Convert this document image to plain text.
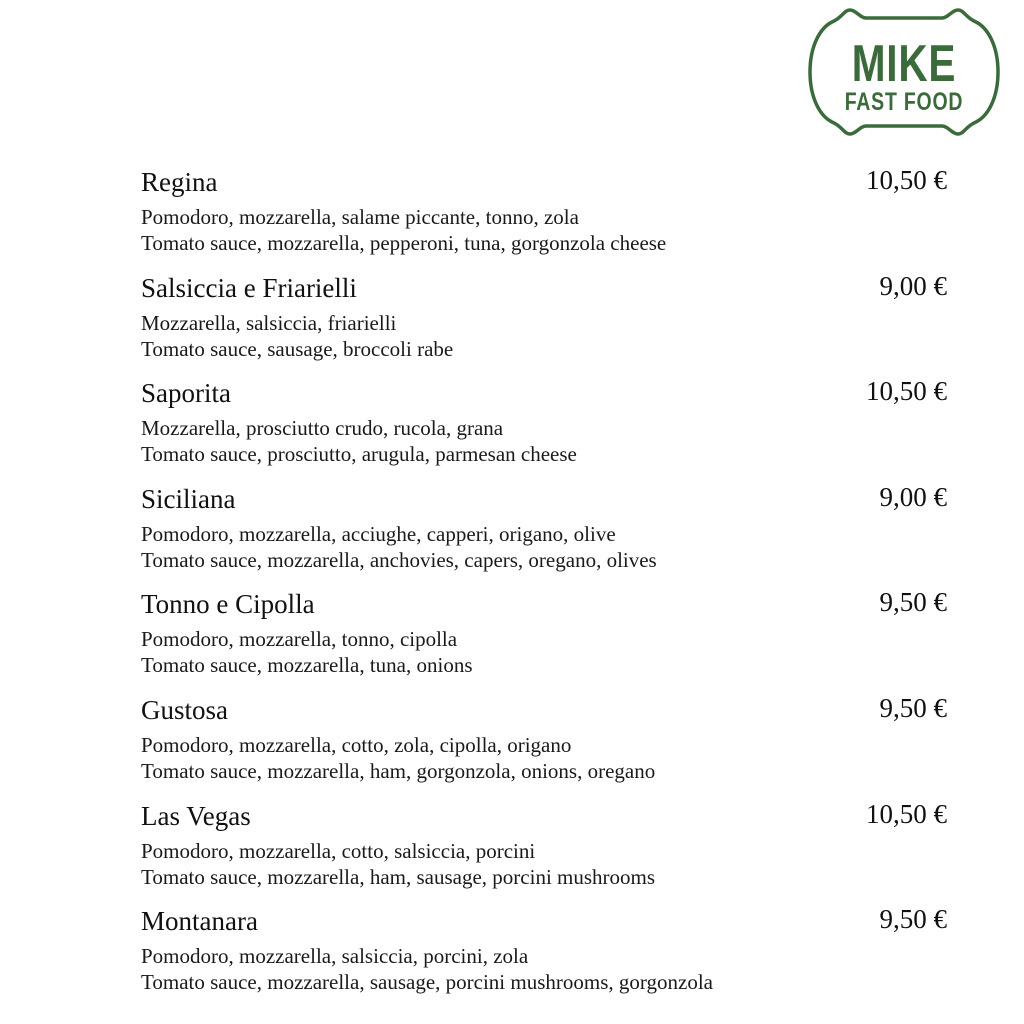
MIKE
FAST FOOD
Regina	10,50 €
Pomodoro, mozzarella, salame piccante, tonno, zola
Tomato sauce, mozzarella, pepperoni, tuna, gorgonzola cheese
Salsiccia e Friarielli	9,00 €
Mozzarella, salsiccia, friarielli
Tomato sauce, sausage, broccoli rabe
Saporita	10,50 €
Mozzarella, prosciutto crudo, rucola, grana
Tomato sauce, prosciutto, arugula, parmesan cheese
Siciliana	9,00 €
Pomodoro, mozzarella, acciughe, capperi, origano, olive
Tomato sauce, mozzarella, anchovies, capers, oregano, olives
Tonno e Cipolla	9,50 €
Pomodoro, mozzarella, tonno, cipolla
Tomato sauce, mozzarella, tuna, onions
Gustosa	9,50 €
Pomodoro, mozzarella, cotto, zola, cipolla, origano
Tomato sauce, mozzarella, ham, gorgonzola, onions, oregano
Las Vegas	10,50 €
Pomodoro, mozzarella, cotto, salsiccia, porcini
Tomato sauce, mozzarella, ham, sausage, porcini mushrooms
Montanara	9,50 €
Pomodoro, mozzarella, salsiccia, porcini, zola
Tomato sauce, mozzarella, sausage, porcini mushrooms, gorgonzola
